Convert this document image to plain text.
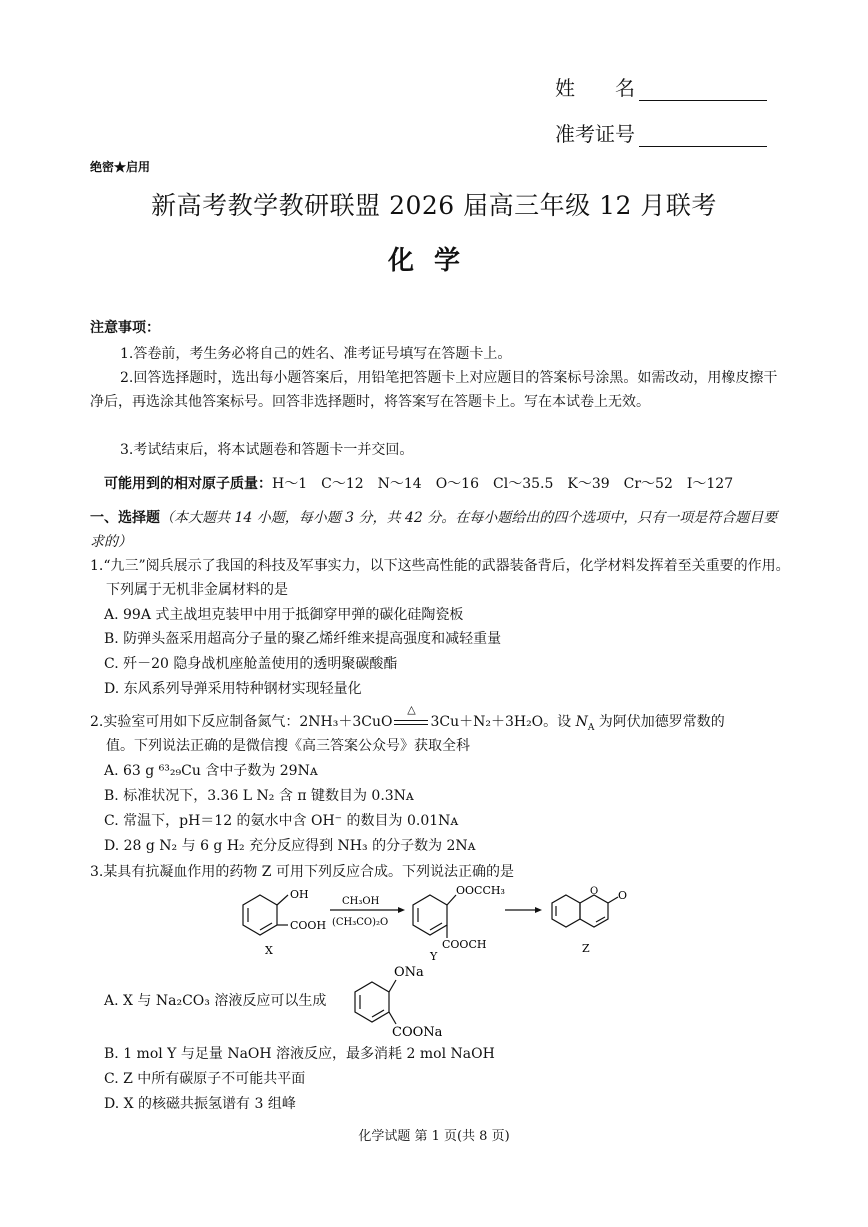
姓　　名
准考证号
绝密★启用
新高考教学教研联盟 2026 届高三年级 12 月联考
化学
注意事项：
1.答卷前，考生务必将自己的姓名、准考证号填写在答题卡上。
2.回答选择题时，选出每小题答案后，用铅笔把答题卡上对应题目的答案标号涂黑。如需改动，用橡皮擦干净后，再选涂其他答案标号。回答非选择题时，将答案写在答题卡上。写在本试卷上无效。
3.考试结束后，将本试题卷和答题卡一并交回。
可能用到的相对原子质量：H～1　C～12　N～14　O～16　Cl～35.5　K～39　Cr～52　I～127
一、选择题（本大题共 14 小题，每小题 3 分，共 42 分。在每小题给出的四个选项中，只有一项是符合题目要求的）
1.“九三”阅兵展示了我国的科技及军事实力，以下这些高性能的武器装备背后，化学材料发挥着至关重要的作用。下列属于无机非金属材料的是
A. 99A 式主战坦克装甲中用于抵御穿甲弹的碳化硅陶瓷板
B. 防弹头盔采用超高分子量的聚乙烯纤维来提高强度和减轻重量
C. 歼－20 隐身战机座舱盖使用的透明聚碳酸酯
D. 东风系列导弹采用特种钢材实现轻量化
2.实验室可用如下反应制备氮气：2NH₃＋3CuO
△
3Cu＋N₂＋3H₂O。设 $N_A$ 为阿伏加德罗常数的
值。下列说法正确的是微信搜《高三答案公众号》获取全科
A. 63 g ⁶³₂₉Cu 含中子数为 29Nᴀ
B. 标准状况下，3.36 L N₂ 含 π 键数目为 0.3Nᴀ
C. 常温下，pH＝12 的氨水中含 OH⁻ 的数目为 0.01Nᴀ
D. 28 g N₂ 与 6 g H₂ 充分反应得到 NH₃ 的分子数为 2Nᴀ
3.某具有抗凝血作用的药物 Z 可用下列反应合成。下列说法正确的是
OH
COOH
X
CH₃OH
(CH₃CO)₂O
OOCCH₃
COOCH
Y
O O
Z
A. X 与 Na₂CO₃ 溶液反应可以生成
ONa
COONa
B. 1 mol Y 与足量 NaOH 溶液反应，最多消耗 2 mol NaOH
C. Z 中所有碳原子不可能共平面
D. X 的核磁共振氢谱有 3 组峰
化学试题 第 1 页(共 8 页)
